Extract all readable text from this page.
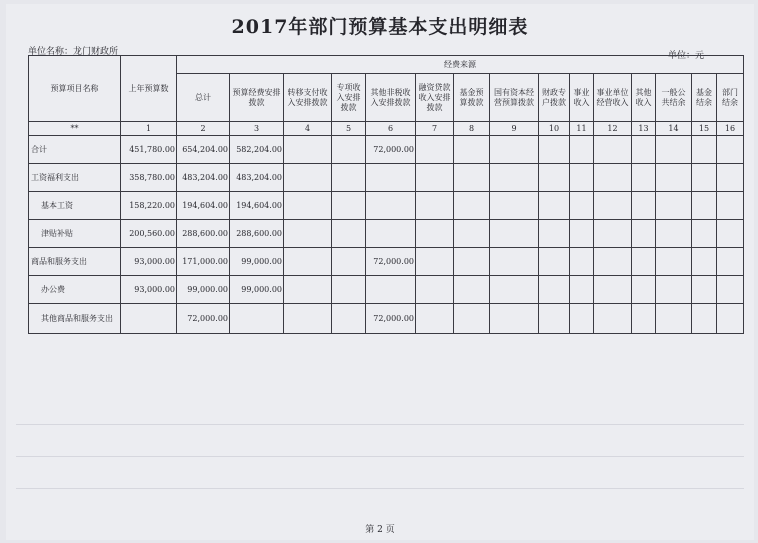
2017年部门预算基本支出明细表
单位名称：龙门财政所	单位：元
预算项目名称	上年预算数	经费来源														
		总计	预算经费安排拨款	转移支付收入安排拨款	专项收入安排拨款	其他非税收入安排拨款	融资贷款收入安排拨款	基金预算拨款	国有资本经营预算拨款	财政专户拨款	事业收入	事业单位经营收入	其他收入	一般公共结余	基金结余	部门结余
**	1	2	3	4	5	6	7	8	9	10	11	12	13	14	15	16
合计	451,780.00	654,204.00	582,204.00			72,000.00										
工资福利支出	358,780.00	483,204.00	483,204.00													
基本工资	158,220.00	194,604.00	194,604.00													
津贴补贴	200,560.00	288,600.00	288,600.00													
商品和服务支出	93,000.00	171,000.00	99,000.00			72,000.00										
办公费	93,000.00	99,000.00	99,000.00													
其他商品和服务支出		72,000.00				72,000.00										
第 2 页
